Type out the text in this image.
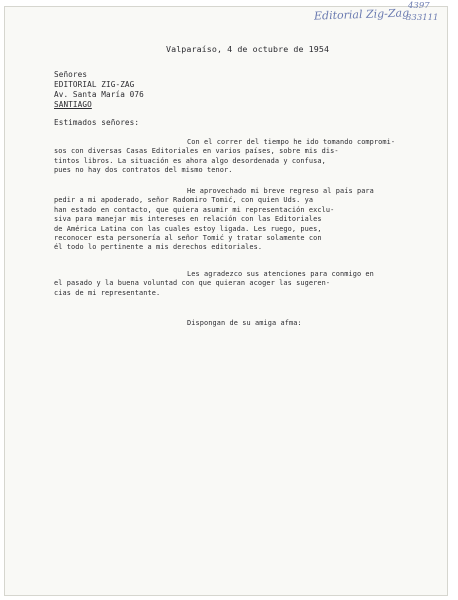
Editorial Zig-Zag
4397
333111
Valparaíso, 4 de octubre de 1954
Señores
EDITORIAL ZIG-ZAG
Av. Santa María 076
SANTIAGO
Estimados señores:
Con el correr del tiempo he ido tomando compromi-
sos con diversas Casas Editoriales en varios países, sobre mis dis-
tintos libros. La situación es ahora algo desordenada y confusa,
pues no hay dos contratos del mismo tenor.
He aprovechado mi breve regreso al país para
pedir a mi apoderado, señor Radomiro Tomić, con quien Uds. ya
han estado en contacto, que quiera asumir mi representación exclu-
siva para manejar mis intereses en relación con las Editoriales
de América Latina con las cuales estoy ligada. Les ruego, pues,
reconocer esta personería al señor Tomić y tratar solamente con
él todo lo pertinente a mis derechos editoriales.
Les agradezco sus atenciones para conmigo en
el pasado y la buena voluntad con que quieran acoger las sugeren-
cias de mi representante.
Dispongan de su amiga afma:
